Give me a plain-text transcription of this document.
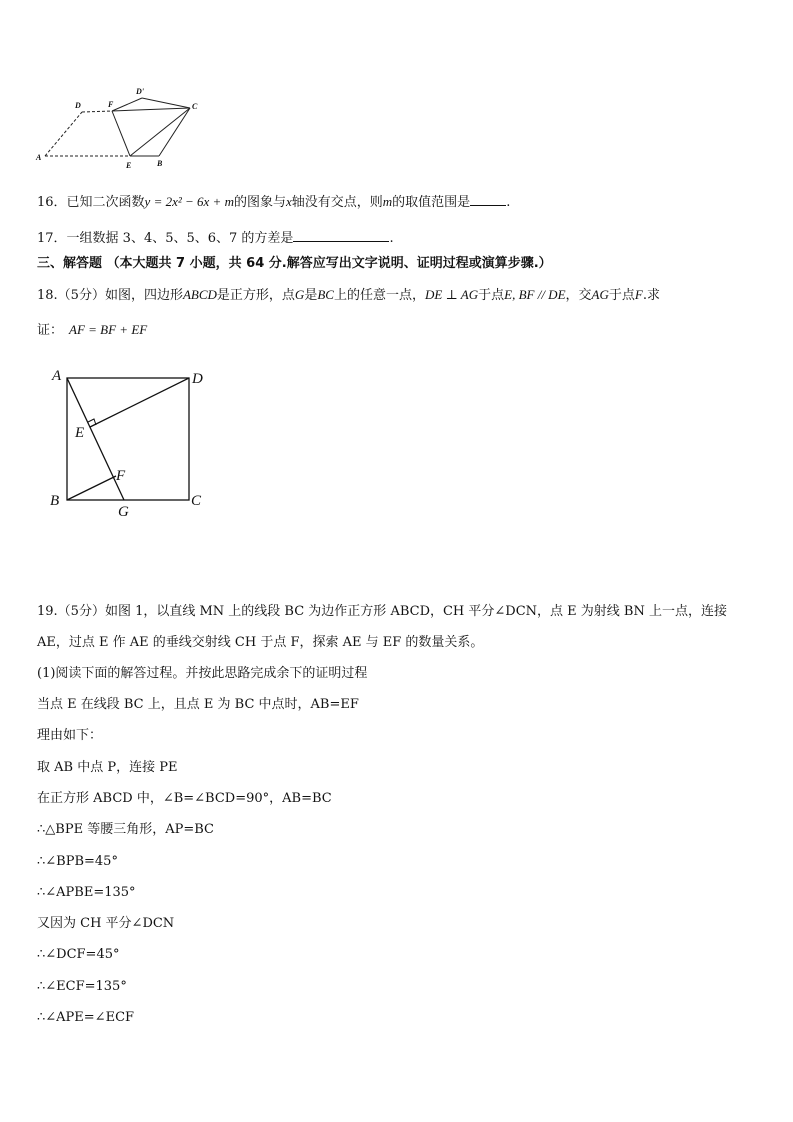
A
D	F
D'
C
E	B
16．已知二次函数y = 2x² − 6x + m的图象与x轴没有交点，则m的取值范围是	.
17．一组数据 3、4、5、5、6、7 的方差是	.
三、解答题 （本大题共 7 小题，共 64 分.解答应写出文字说明、证明过程或演算步骤.）
18.（5分）如图，四边形ABCD是正方形，点G是BC上的任意一点，DE ⊥ AG于点E, BF // DE，交AG于点F.求
证： AF = BF + EF
A	D
E
F
B
G
C
19.（5分）如图 1，以直线 MN 上的线段 BC 为边作正方形 ABCD，CH 平分∠DCN，点 E 为射线 BN 上一点，连接
AE，过点 E 作 AE 的垂线交射线 CH 于点 F，探索 AE 与 EF 的数量关系。
(1)阅读下面的解答过程。并按此思路完成余下的证明过程
当点 E 在线段 BC 上，且点 E 为 BC 中点时，AB=EF
理由如下：
取 AB 中点 P，连接 PE
在正方形 ABCD 中，∠B=∠BCD=90°，AB=BC
∴△BPE 等腰三角形，AP=BC
∴∠BPB=45°
∴∠APBE=135°
又因为 CH 平分∠DCN
∴∠DCF=45°
∴∠ECF=135°
∴∠APE=∠ECF
